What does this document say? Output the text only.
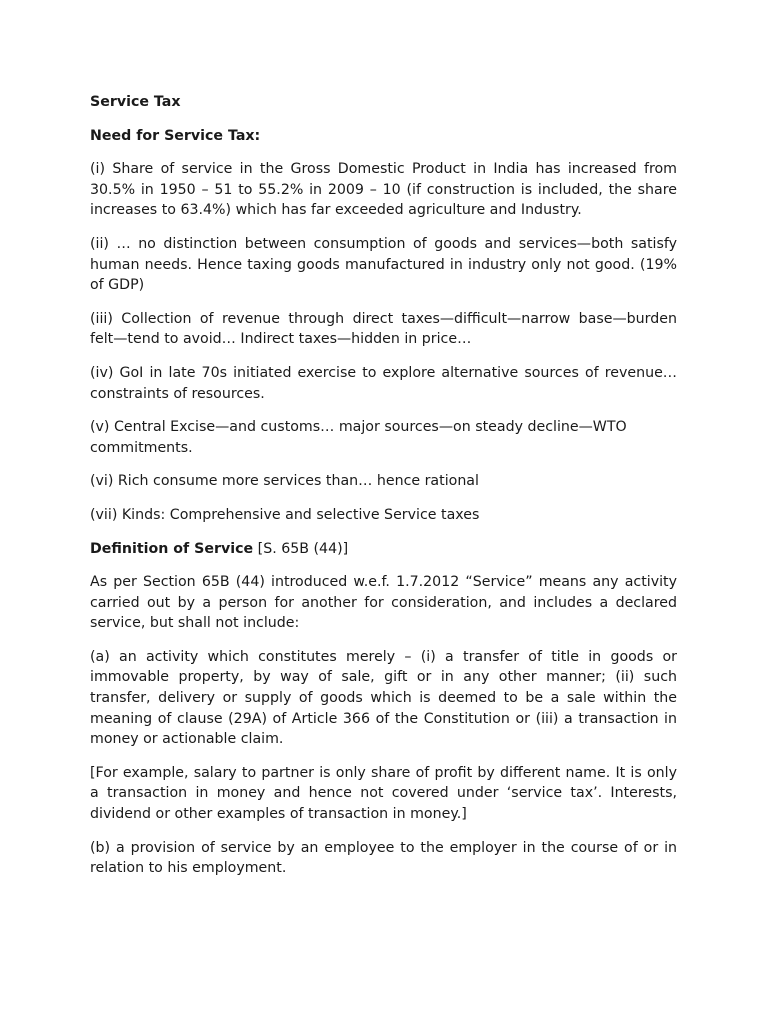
Service Tax
Need for Service Tax:
(i) Share of service in the Gross Domestic Product in India has increased from 30.5% in 1950 – 51 to 55.2% in 2009 – 10 (if construction is included, the share increases to 63.4%) which has far exceeded agriculture and Industry.
(ii) … no distinction between consumption of goods and services—both satisfy human needs. Hence taxing goods manufactured in industry only not good. (19% of GDP)
(iii) Collection of revenue through direct taxes—difficult—narrow base—burden felt—tend to avoid… Indirect taxes—hidden in price…
(iv) GoI in late 70s initiated exercise to explore alternative sources of revenue… constraints of resources.
(v) Central Excise—and customs… major sources—on steady decline—WTO commitments.
(vi) Rich consume more services than… hence rational
(vii) Kinds: Comprehensive and selective Service taxes
Definition of Service [S. 65B (44)]
As per Section 65B (44) introduced w.e.f. 1.7.2012 “Service” means any activity carried out by a person for another for consideration, and includes a declared service, but shall not include:
(a) an activity which constitutes merely – (i) a transfer of title in goods or immovable property, by way of sale, gift or in any other manner; (ii) such transfer, delivery or supply of goods which is deemed to be a sale within the meaning of clause (29A) of Article 366 of the Constitution or (iii) a transaction in money or actionable claim.
[For example, salary to partner is only share of profit by different name. It is only a transaction in money and hence not covered under ‘service tax’. Interests, dividend or other examples of transaction in money.]
(b) a provision of service by an employee to the employer in the course of or in relation to his employment.
